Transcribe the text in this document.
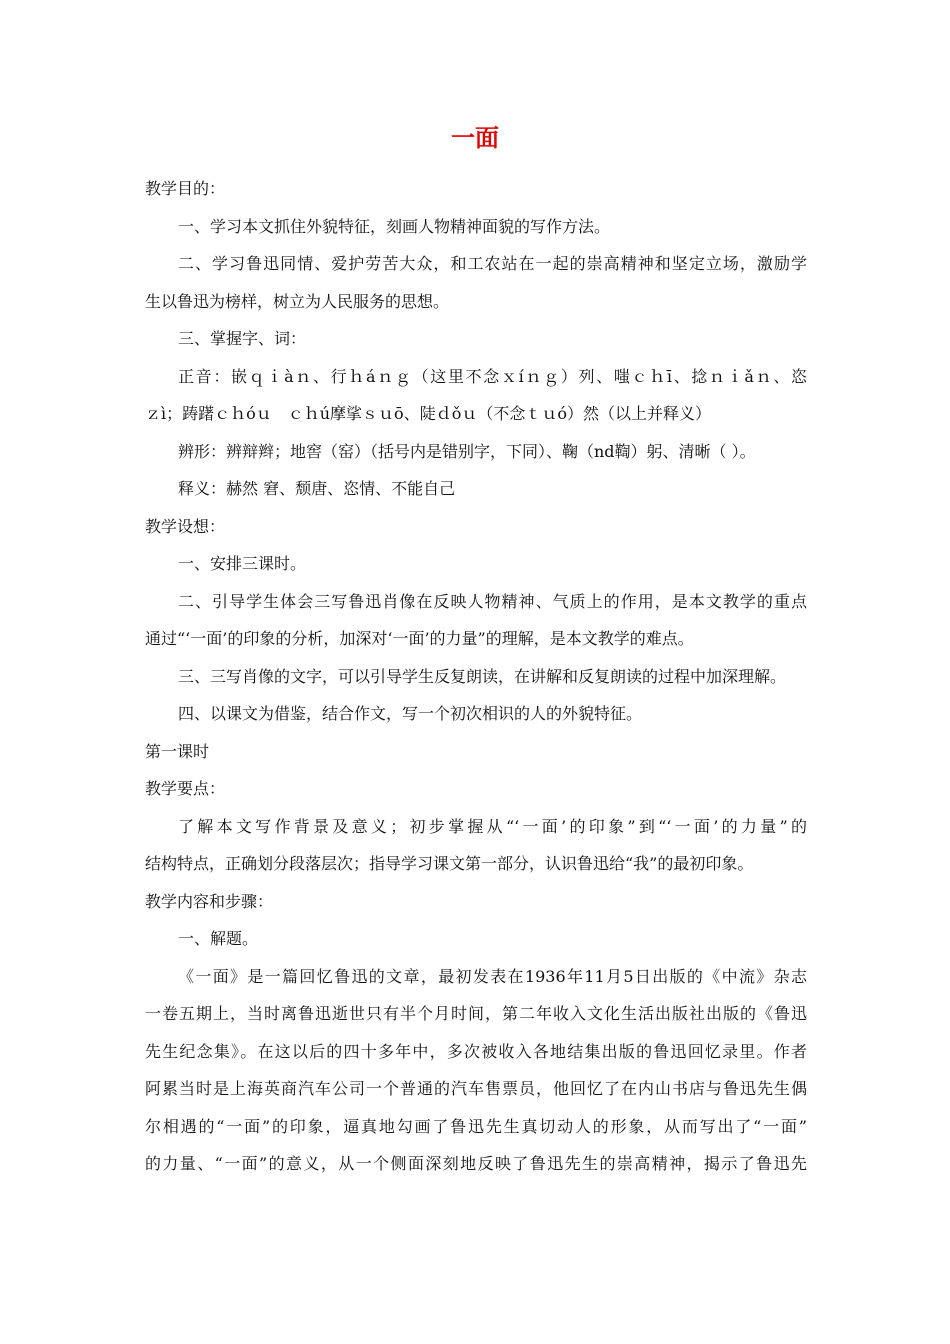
一面
教学目的：
一、学习本文抓住外貌特征，刻画人物精神面貌的写作方法。
二、学习鲁迅同情、爱护劳苦大众，和工农站在一起的崇高精神和坚定立场，激励学
生以鲁迅为榜样，树立为人民服务的思想。
三、掌握字、词：
正音：嵌ｑｉàｎ、行ｈáｎｇ（这里不念ｘíｎｇ）列、嗤ｃｈī、捻ｎｉǎｎ、恣
ｚì；踌躇ｃｈóｕ　ｃｈú摩挲ｓｕō、陡ｄǒｕ（不念ｔｕó）然（以上并释义）
辨形：辨辩辫；地窖（窑）（括号内是错别字，下同）、鞠（nd鞫）躬、清晰（ ）。
释义：赫然 窘、颓唐、恣情、不能自己
教学设想：
一、安排三课时。
二、引导学生体会三写鲁迅肖像在反映人物精神、气质上的作用，是本文教学的重点
通过“‘一面’的印象的分析，加深对‘一面’的力量”的理解，是本文教学的难点。
三、三写肖像的文字，可以引导学生反复朗读，在讲解和反复朗读的过程中加深理解。
四、以课文为借鉴，结合作文，写一个初次相识的人的外貌特征。
第一课时
教学要点：
了解本文写作背景及意义；初步掌握从“‘一面’的印象”到“‘一面’的力量”的
结构特点，正确划分段落层次；指导学习课文第一部分，认识鲁迅给“我”的最初印象。
教学内容和步骤：
一、解题。
《一面》是一篇回忆鲁迅的文章，最初发表在1936年11月5日出版的《中流》杂志
一卷五期上，当时离鲁迅逝世只有半个月时间，第二年收入文化生活出版社出版的《鲁迅
先生纪念集》。在这以后的四十多年中，多次被收入各地结集出版的鲁迅回忆录里。作者
阿累当时是上海英商汽车公司一个普通的汽车售票员，他回忆了在内山书店与鲁迅先生偶
尔相遇的“一面”的印象，逼真地勾画了鲁迅先生真切动人的形象，从而写出了“一面”
的力量、“一面”的意义，从一个侧面深刻地反映了鲁迅先生的崇高精神，揭示了鲁迅先
